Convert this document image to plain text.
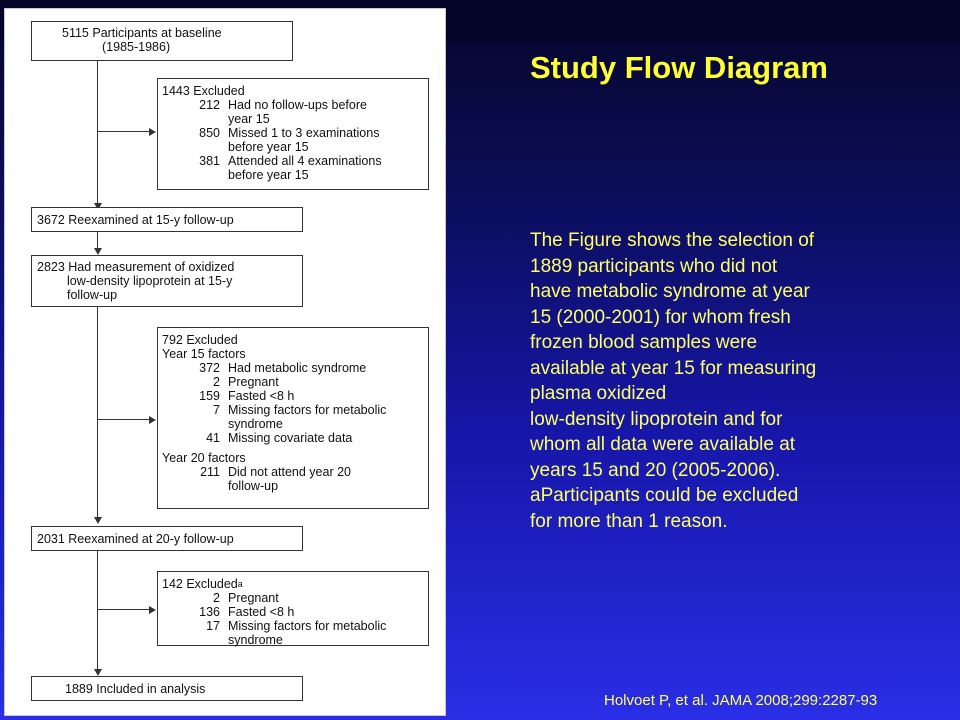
5115 Participants at baseline
(1985-1986)
1443 Excluded
212 Had no follow-ups before
year 15
850 Missed 1 to 3 examinations
before year 15
381 Attended all 4 examinations
before year 15
3672 Reexamined at 15-y follow-up
2823 Had measurement of oxidized
low-density lipoprotein at 15-y
follow-up
792 Excluded
Year 15 factors
372 Had metabolic syndrome
2 Pregnant
159 Fasted <8 h
7 Missing factors for metabolic
syndrome
41 Missing covariate data
Year 20 factors
211 Did not attend year 20
follow-up
2031 Reexamined at 20-y follow-up
142 Excluded a
2 Pregnant
136 Fasted <8 h
17 Missing factors for metabolic
syndrome
1889 Included in analysis
Study Flow Diagram
The Figure shows the selection of
1889 participants who did not
have metabolic syndrome at year
15 (2000-2001) for whom fresh
frozen blood samples were
available at year 15 for measuring
plasma oxidized
low-density lipoprotein and for
whom all data were available at
years 15 and 20 (2005-2006).
aParticipants could be excluded
for more than 1 reason.
Holvoet P, et al. JAMA 2008;299:2287-93
